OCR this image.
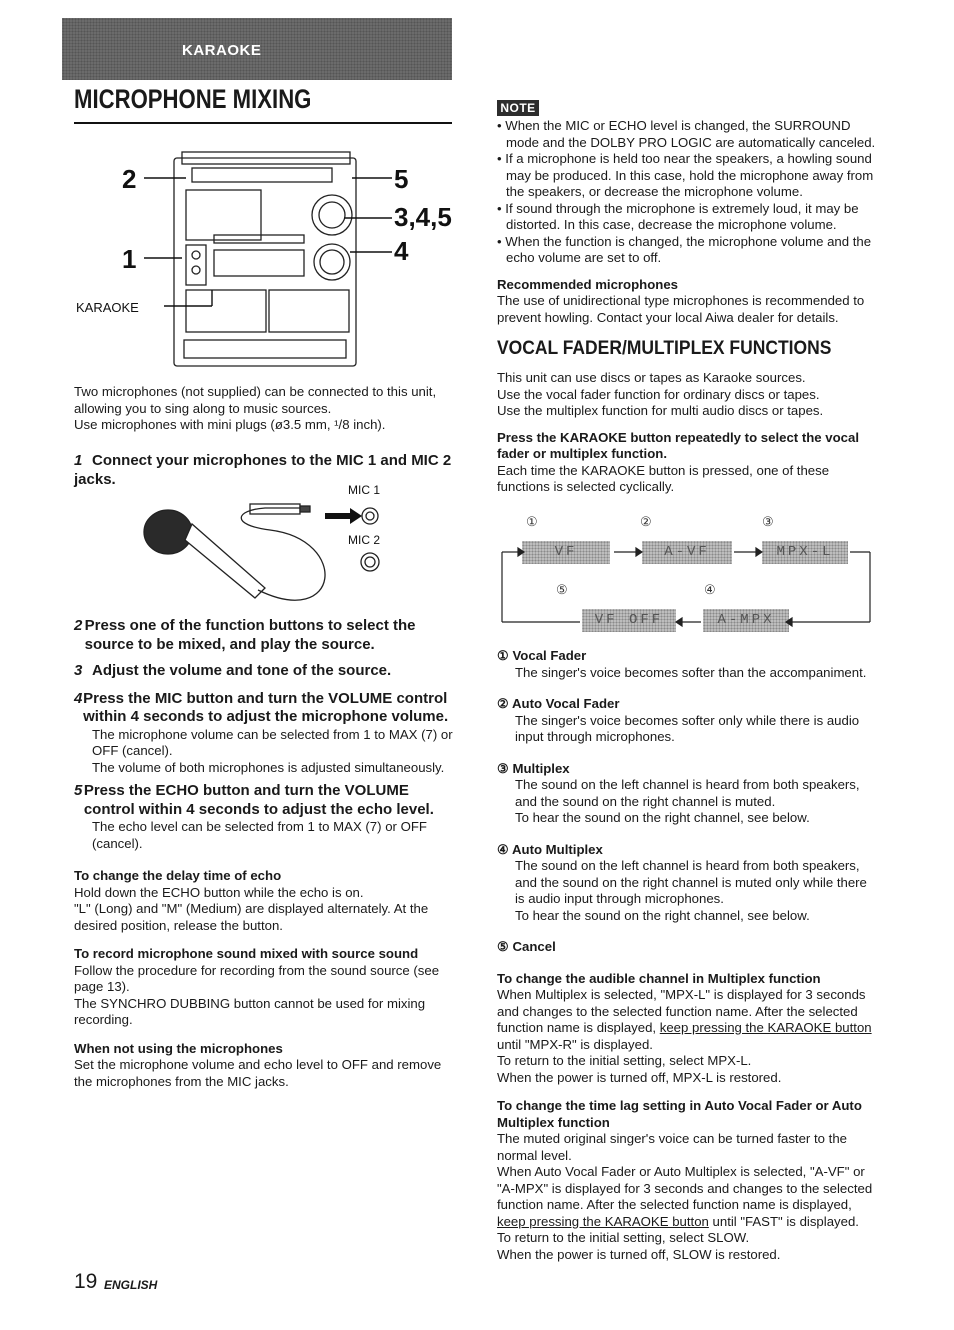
KARAOKE
MICROPHONE MIXING
2
1
5
3,4,5
4
KARAOKE

Two microphones (not supplied) can be connected to this unit, allowing you to sing along to music sources.

Use microphones with mini plugs (ø3.5 mm, ¹/8 inch).

1 Connect your microphones to the MIC 1 and MIC 2 jacks.
MIC 1
MIC 2
2 Press one of the function buttons to select the source to be mixed, and play the source.
3 Adjust the volume and tone of the source.
4 Press the MIC button and turn the VOLUME control within 4 seconds to adjust the microphone volume.

The microphone volume can be selected from 1 to MAX (7) or OFF (cancel).

The volume of both microphones is adjusted simultaneously.

5 Press the ECHO button and turn the VOLUME control within 4 seconds to adjust the echo level.

The echo level can be selected from 1 to MAX (7) or OFF (cancel).

To change the delay time of echo

Hold down the ECHO button while the echo is on.

"L" (Long) and "M" (Medium) are displayed alternately. At the desired position, release the button.

To record microphone sound mixed with source sound

Follow the procedure for recording from the sound source (see page 13).

The SYNCHRO DUBBING button cannot be used for mixing recording.

When not using the microphones

Set the microphone volume and echo level to OFF and remove the microphones from the MIC jacks.

NOTE

• When the MIC or ECHO level is changed, the SURROUND mode and the DOLBY PRO LOGIC are automatically canceled.

• If a microphone is held too near the speakers, a howling sound may be produced. In this case, hold the microphone away from the speakers, or decrease the microphone volume.

• If sound through the microphone is extremely loud, it may be distorted. In this case, decrease the microphone volume.

• When the function is changed, the microphone volume and the echo volume are set to off.

Recommended microphones

The use of unidirectional type microphones is recommended to prevent howling. Contact your local Aiwa dealer for details.

VOCAL FADER/MULTIPLEX FUNCTIONS

This unit can use discs or tapes as Karaoke sources.

Use the vocal fader function for ordinary discs or tapes.

Use the multiplex function for multi audio discs or tapes.

Press the KARAOKE button repeatedly to select the vocal fader or multiplex function.

Each time the KARAOKE button is pressed, one of these functions is selected cyclically.

①	②	③
⑤	④
VF	A-VF	MPX-L
VF OFF	A-MPX

① Vocal Fader

The singer's voice becomes softer than the accompaniment.

② Auto Vocal Fader

The singer's voice becomes softer only while there is audio input through microphones.

③ Multiplex

The sound on the left channel is heard from both speakers, and the sound on the right channel is muted.

To hear the sound on the right channel, see below.

④ Auto Multiplex

The sound on the left channel is heard from both speakers, and the sound on the right channel is muted only while there is audio input through microphones.

To hear the sound on the right channel, see below.

⑤ Cancel

To change the audible channel in Multiplex function

When Multiplex is selected, "MPX-L" is displayed for 3 seconds and changes to the selected function name. After the selected function name is displayed, keep pressing the KARAOKE button until "MPX-R" is displayed.

To return to the initial setting, select MPX-L.

When the power is turned off, MPX-L is restored.

To change the time lag setting in Auto Vocal Fader or Auto Multiplex function

The muted original singer's voice can be turned faster to the normal level.

When Auto Vocal Fader or Auto Multiplex is selected, "A-VF" or "A-MPX" is displayed for 3 seconds and changes to the selected function name. After the selected function name is displayed, keep pressing the KARAOKE button until "FAST" is displayed.

To return to the initial setting, select SLOW.

When the power is turned off, SLOW is restored.

19 ENGLISH
